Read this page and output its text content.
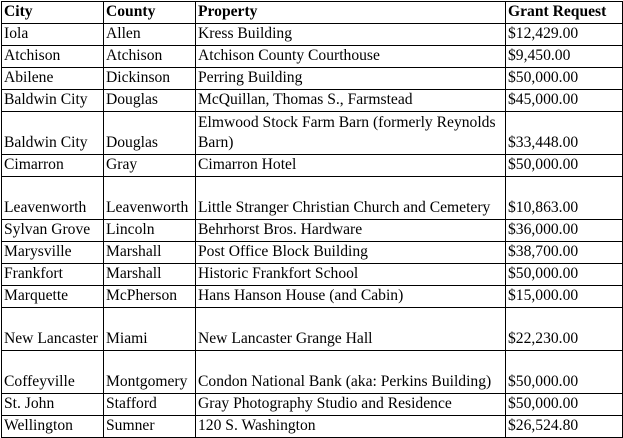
City	County	Property	Grant Request
Iola	Allen	Kress Building	$12,429.00
Atchison	Atchison	Atchison County Courthouse	$9,450.00
Abilene	Dickinson	Perring Building	$50,000.00
Baldwin City	Douglas	McQuillan, Thomas S., Farmstead	$45,000.00
Baldwin City	Douglas	Elmwood Stock Farm Barn (formerly Reynolds Barn)	$33,448.00
Cimarron	Gray	Cimarron Hotel	$50,000.00
Leavenworth	Leavenworth	Little Stranger Christian Church and Cemetery	$10,863.00
Sylvan Grove	Lincoln	Behrhorst Bros. Hardware	$36,000.00
Marysville	Marshall	Post Office Block Building	$38,700.00
Frankfort	Marshall	Historic Frankfort School	$50,000.00
Marquette	McPherson	Hans Hanson House (and Cabin)	$15,000.00
New Lancaster	Miami	New Lancaster Grange Hall	$22,230.00
Coffeyville	Montgomery	Condon National Bank (aka: Perkins Building)	$50,000.00
St. John	Stafford	Gray Photography Studio and Residence	$50,000.00
Wellington	Sumner	120 S. Washington	$26,524.80
